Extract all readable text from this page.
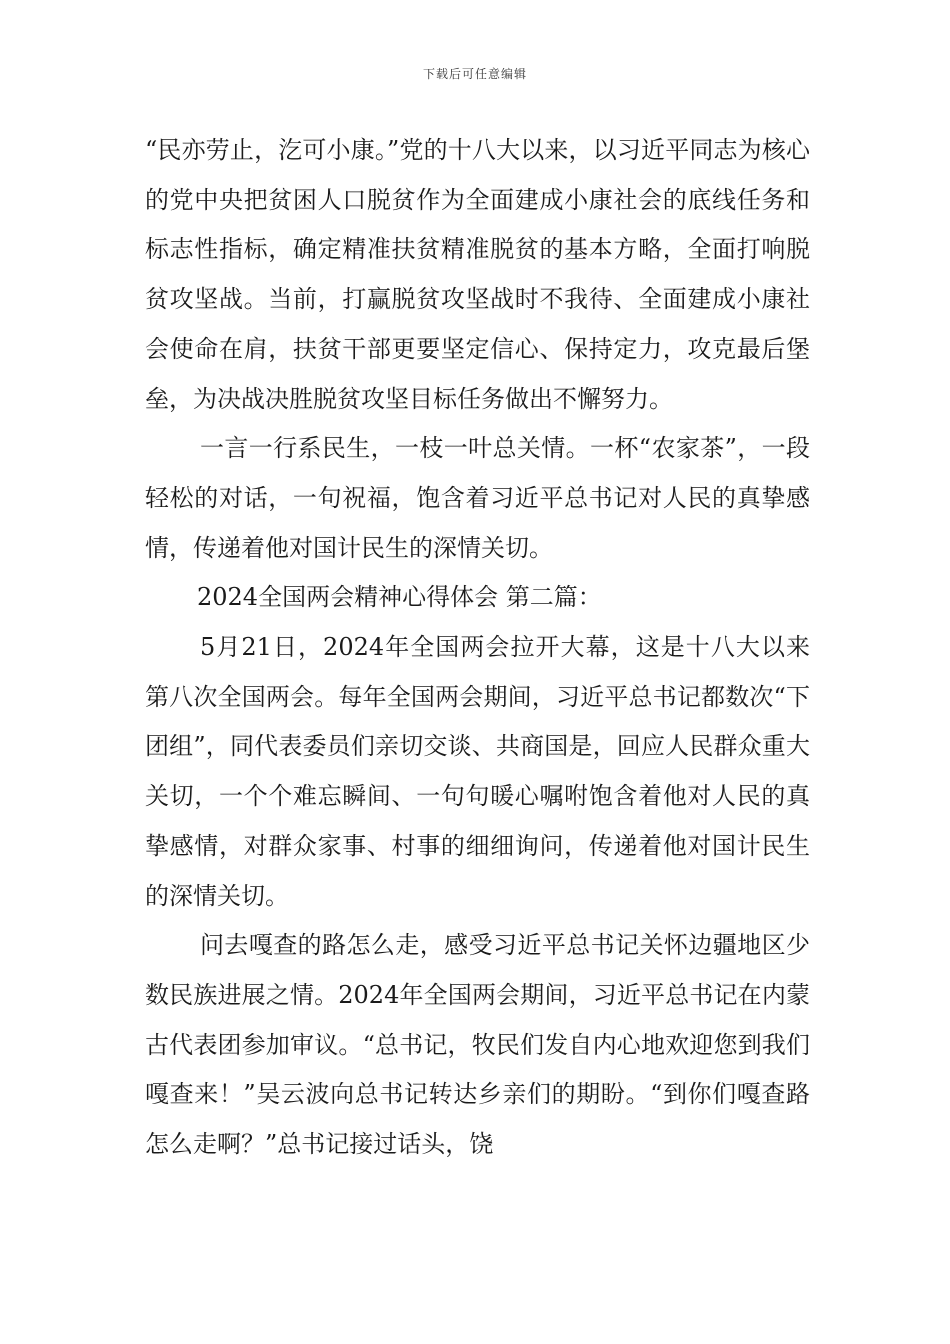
下载后可任意编辑

“民亦劳止，汔可小康。”党的十八大以来，以习近平同志为核心的党中央把贫困人口脱贫作为全面建成小康社会的底线任务和标志性指标，确定精准扶贫精准脱贫的基本方略，全面打响脱贫攻坚战。当前，打赢脱贫攻坚战时不我待、全面建成小康社会使命在肩，扶贫干部更要坚定信心、保持定力，攻克最后堡垒，为决战决胜脱贫攻坚目标任务做出不懈努力。

一言一行系民生，一枝一叶总关情。一杯“农家茶”，一段轻松的对话，一句祝福，饱含着习近平总书记对人民的真挚感情，传递着他对国计民生的深情关切。

2024全国两会精神心得体会 第二篇：

5月21日，2024年全国两会拉开大幕，这是十八大以来第八次全国两会。每年全国两会期间，习近平总书记都数次“下团组”，同代表委员们亲切交谈、共商国是，回应人民群众重大关切，一个个难忘瞬间、一句句暖心嘱咐饱含着他对人民的真挚感情，对群众家事、村事的细细询问，传递着他对国计民生的深情关切。

问去嘎查的路怎么走，感受习近平总书记关怀边疆地区少数民族进展之情。2024年全国两会期间，习近平总书记在内蒙古代表团参加审议。“总书记，牧民们发自内心地欢迎您到我们嘎查来！”吴云波向总书记转达乡亲们的期盼。“到你们嘎查路怎么走啊？”总书记接过话头，饶
